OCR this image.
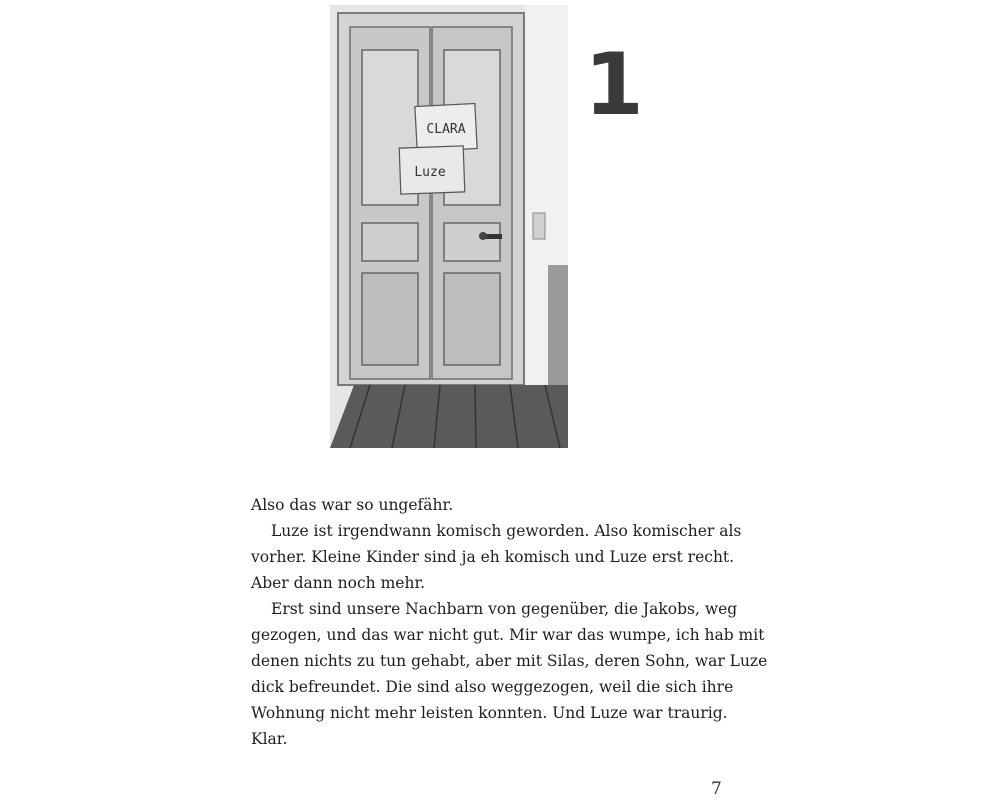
CLARA
Luze
1

Also das war so ungefähr.

Luze ist irgendwann komisch geworden. Also komischer als

vorher. Kleine Kinder sind ja eh komisch und Luze erst recht.

Aber dann noch mehr.

Erst sind unsere Nachbarn von gegenüber, die Jakobs, weg

gezogen, und das war nicht gut. Mir war das wumpe, ich hab mit

denen nichts zu tun gehabt, aber mit Silas, deren Sohn, war Luze

dick befreundet. Die sind also weggezogen, weil die sich ihre

Wohnung nicht mehr leisten konnten. Und Luze war traurig.

Klar.

7
